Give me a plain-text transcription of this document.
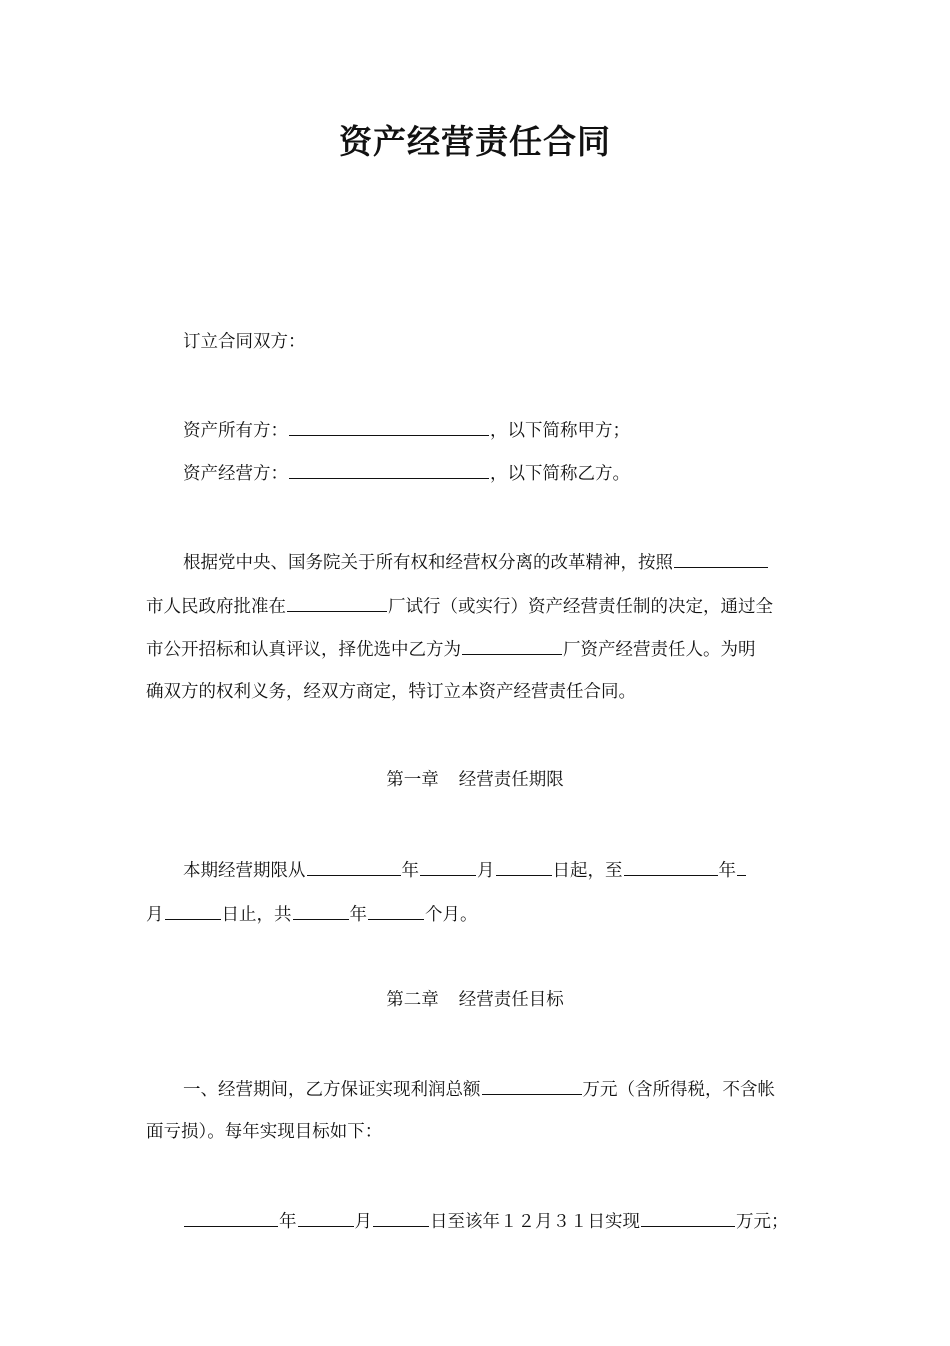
资产经营责任合同
订立合同双方：
资产所有方：	，以下简称甲方；
资产经营方：	，以下简称乙方。
根据党中央、国务院关于所有权和经营权分离的改革精神，按照
市人民政府批准在	厂试行（或实行）资产经营责任制的决定，通过全
市公开招标和认真评议，择优选中乙方为	厂资产经营责任人。为明
确双方的权利义务，经双方商定，特订立本资产经营责任合同。
第一章 经营责任期限
本期经营期限从	年	月	日起，至	年
月	日止，共	年	个月。
第二章 经营责任目标
一、经营期间，乙方保证实现利润总额	万元（含所得税，不含帐
面亏损）。每年实现目标如下：
年	月	日至该年１２月３１日实现	万元；
